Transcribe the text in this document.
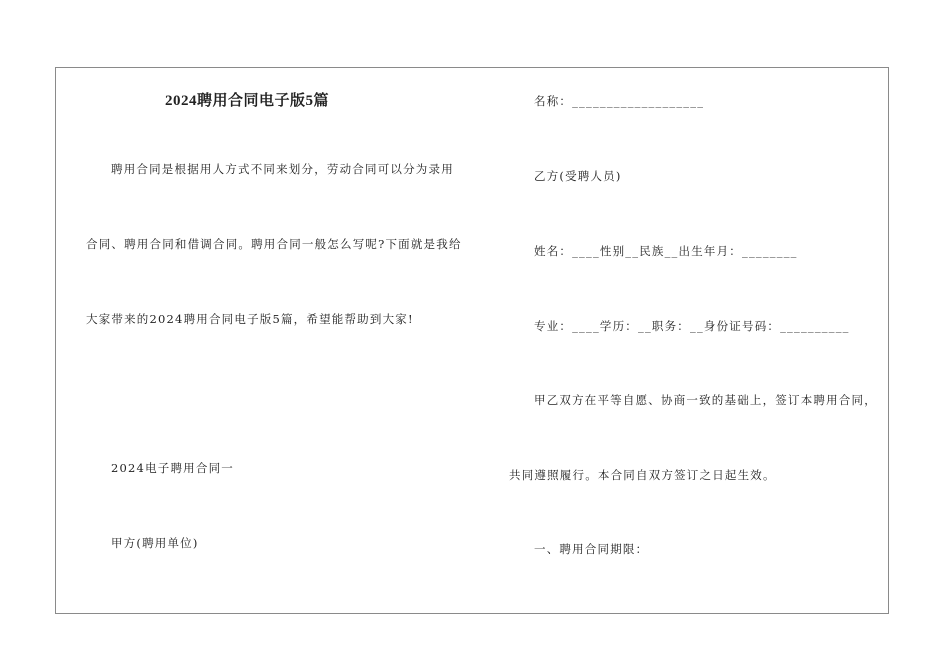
2024聘用合同电子版5篇
聘用合同是根据用人方式不同来划分，劳动合同可以分为录用
合同、聘用合同和借调合同。聘用合同一般怎么写呢?下面就是我给
大家带来的2024聘用合同电子版5篇，希望能帮助到大家!
2024电子聘用合同一
甲方(聘用单位)
名称：___________________
乙方(受聘人员)
姓名：____性别__民族__出生年月：________
专业：____学历：__职务：__身份证号码：__________
甲乙双方在平等自愿、协商一致的基础上，签订本聘用合同，
共同遵照履行。本合同自双方签订之日起生效。
一、聘用合同期限：
